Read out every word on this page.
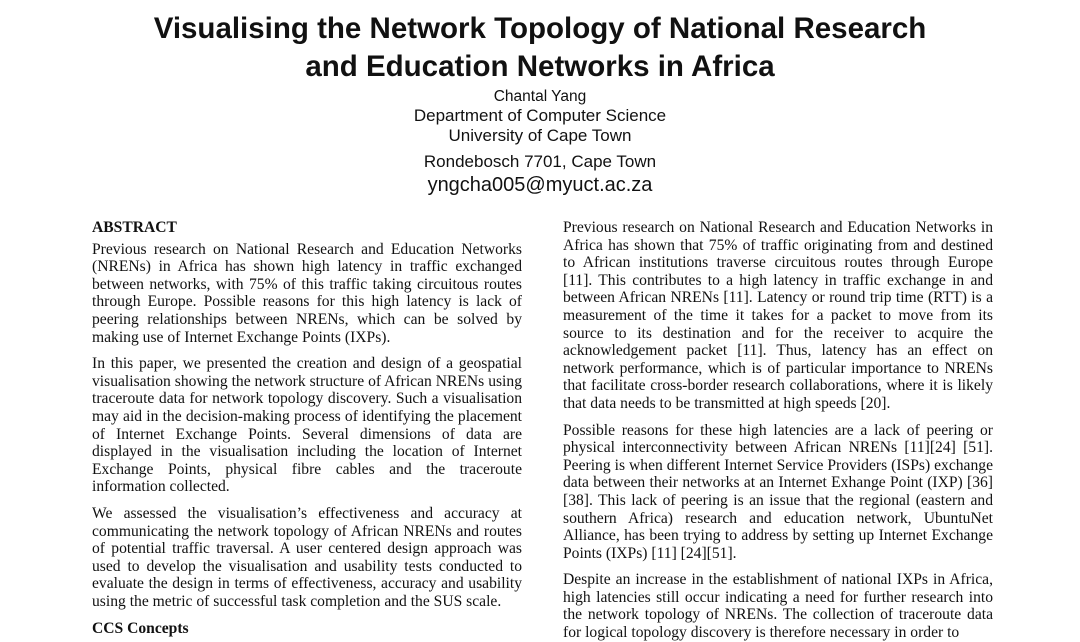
Visualising the Network Topology of National Research
and Education Networks in Africa
Chantal Yang
Department of Computer Science
University of Cape Town
Rondebosch 7701, Cape Town
yngcha005@myuct.ac.za
ABSTRACT

Previous research on National Research and Education Networks (NRENs) in Africa has shown high latency in traffic exchanged between networks, with 75% of this traffic taking circuitous routes through Europe. Possible reasons for this high latency is lack of peering relationships between NRENs, which can be solved by making use of Internet Exchange Points (IXPs).

In this paper, we presented the creation and design of a geospatial visualisation showing the network structure of African NRENs using traceroute data for network topology discovery. Such a visualisation may aid in the decision-making process of identifying the placement of Internet Exchange Points. Several dimensions of data are displayed in the visualisation including the location of Internet Exchange Points, physical fibre cables and the traceroute information collected.

We assessed the visualisation’s effectiveness and accuracy at communicating the network topology of African NRENs and routes of potential traffic traversal. A user centered design approach was used to develop the visualisation and usability tests conducted to evaluate the design in terms of effectiveness, accuracy and usability using the metric of successful task completion and the SUS scale.

CCS Concepts

Previous research on National Research and Education Networks in Africa has shown that 75% of traffic originating from and destined to African institutions traverse circuitous routes through Europe [11]. This contributes to a high latency in traffic exchange in and between African NRENs [11]. Latency or round trip time (RTT) is a measurement of the time it takes for a packet to move from its source to its destination and for the receiver to acquire the acknowledgement packet [11]. Thus, latency has an effect on network performance, which is of particular importance to NRENs that facilitate cross-border research collaborations, where it is likely that data needs to be transmitted at high speeds [20].

Possible reasons for these high latencies are a lack of peering or physical interconnectivity between African NRENs [11][24] [51]. Peering is when different Internet Service Providers (ISPs) exchange data between their networks at an Internet Exhange Point (IXP) [36][38]. This lack of peering is an issue that the regional (eastern and southern Africa) research and education network, UbuntuNet Alliance, has been trying to address by setting up Internet Exchange Points (IXPs) [11] [24][51].

Despite an increase in the establishment of national IXPs in Africa, high latencies still occur indicating a need for further research into the network topology of NRENs. The collection of traceroute data for logical topology discovery is therefore necessary in order to
